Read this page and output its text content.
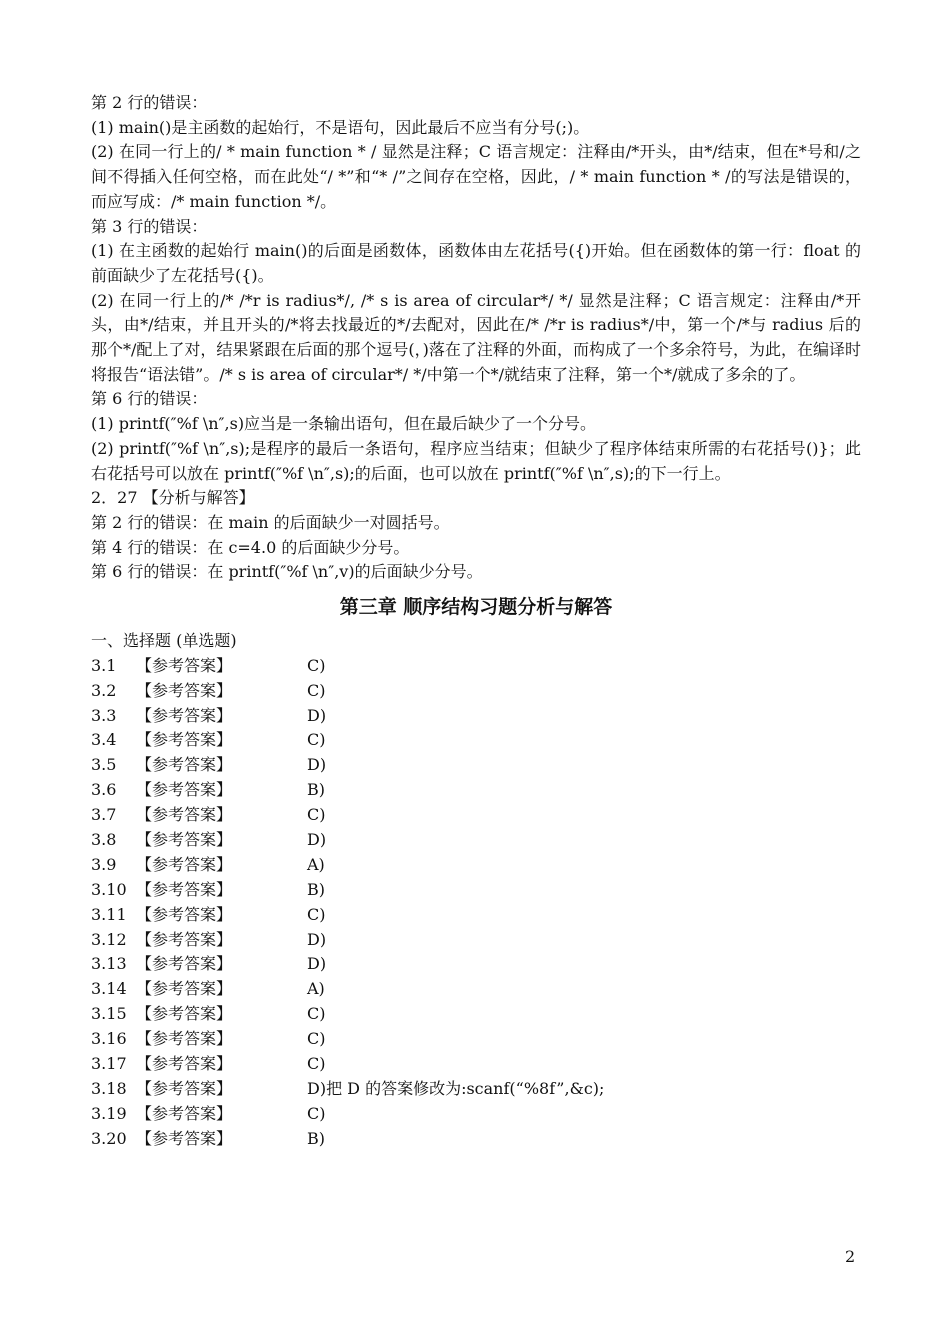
第 2 行的错误：

(1) main()是主函数的起始行，不是语句，因此最后不应当有分号(;)。

(2) 在同一行上的/ * main function * / 显然是注释；C 语言规定：注释由/*开头，由*/结束，但在*号和/之间不得插入任何空格，而在此处“/ *”和“* /”之间存在空格，因此，/ * main function * /的写法是错误的，而应写成：/* main function */。

第 3 行的错误：

(1) 在主函数的起始行 main()的后面是函数体，函数体由左花括号({)开始。但在函数体的第一行：float 的前面缺少了左花括号({)。

(2) 在同一行上的/* /*r is radius*/, /* s is area of circular*/ */ 显然是注释；C 语言规定：注释由/*开头，由*/结束，并且开头的/*将去找最近的*/去配对，因此在/* /*r is radius*/中，第一个/*与 radius 后的那个*/配上了对，结果紧跟在后面的那个逗号(，)落在了注释的外面，而构成了一个多余符号，为此，在编译时将报告“语法错”。/* s is area of circular*/ */中第一个*/就结束了注释，第一个*/就成了多余的了。

第 6 行的错误：

(1) printf(″%f \n″,s)应当是一条输出语句，但在最后缺少了一个分号。

(2) printf(″%f \n″,s);是程序的最后一条语句，程序应当结束；但缺少了程序体结束所需的右花括号()}；此右花括号可以放在 printf(″%f \n″,s);的后面，也可以放在 printf(″%f \n″,s);的下一行上。

2．27 【分析与解答】

第 2 行的错误：在 main 的后面缺少一对圆括号。

第 4 行的错误：在 c=4.0 的后面缺少分号。

第 6 行的错误：在 printf(″%f \n″,v)的后面缺少分号。

第三章 顺序结构习题分析与解答

一、选择题 (单选题)

3.1	【参考答案】	C)
3.2	【参考答案】	C)
3.3	【参考答案】	D)
3.4	【参考答案】	C)
3.5	【参考答案】	D)
3.6	【参考答案】	B)
3.7	【参考答案】	C)
3.8	【参考答案】	D)
3.9	【参考答案】	A)
3.10 【参考答案】	B)
3.11 【参考答案】	C)
3.12 【参考答案】	D)
3.13 【参考答案】	D)
3.14 【参考答案】	A)
3.15 【参考答案】	C)
3.16 【参考答案】	C)
3.17 【参考答案】	C)
3.18 【参考答案】	D)把 D 的答案修改为:scanf(“%8f”,&c);
3.19 【参考答案】	C)
3.20 【参考答案】	B)
2
